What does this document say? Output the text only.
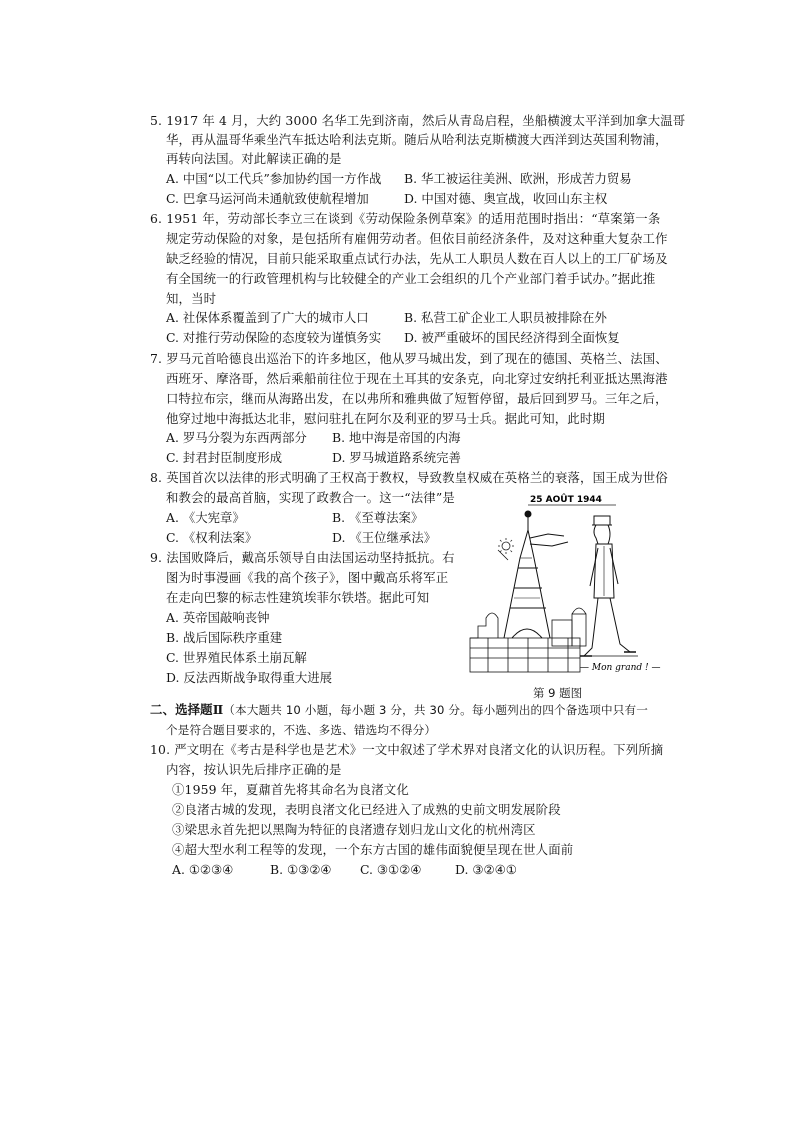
5. 1917 年 4 月，大约 3000 名华工先到济南，然后从青岛启程，坐船横渡太平洋到加拿大温哥
华，再从温哥华乘坐汽车抵达哈利法克斯。随后从哈利法克斯横渡大西洋到达英国利物浦，
再转向法国。对此解读正确的是
A. 中国“以工代兵”参加协约国一方作战 B. 华工被运往美洲、欧洲，形成苦力贸易
C. 巴拿马运河尚未通航致使航程增加	D. 中国对德、奥宣战，收回山东主权
6. 1951 年，劳动部长李立三在谈到《劳动保险条例草案》的适用范围时指出：“草案第一条
规定劳动保险的对象，是包括所有雇佣劳动者。但依目前经济条件，及对这种重大复杂工作
缺乏经验的情况，目前只能采取重点试行办法，先从工人职员人数在百人以上的工厂矿场及
有全国统一的行政管理机构与比较健全的产业工会组织的几个产业部门着手试办。”据此推
知，当时
A. 社保体系覆盖到了广大的城市人口	B. 私营工矿企业工人职员被排除在外
C. 对推行劳动保险的态度较为谨慎务实 D. 被严重破坏的国民经济得到全面恢复
7. 罗马元首哈德良出巡治下的许多地区，他从罗马城出发，到了现在的德国、英格兰、法国、
西班牙、摩洛哥，然后乘船前往位于现在土耳其的安条克，向北穿过安纳托利亚抵达黑海港
口特拉布宗，继而从海路出发，在以弗所和雅典做了短暂停留，最后回到罗马。三年之后，
他穿过地中海抵达北非，慰问驻扎在阿尔及利亚的罗马士兵。据此可知，此时期
A. 罗马分裂为东西两部分 B. 地中海是帝国的内海
C. 封君封臣制度形成	D. 罗马城道路系统完善
8. 英国首次以法律的形式明确了王权高于教权，导致教皇权威在英格兰的衰落，国王成为世俗
和教会的最高首脑，实现了政教合一。这一“法律”是
A. 《大宪章》	B. 《至尊法案》
C. 《权利法案》	D. 《王位继承法》
9. 法国败降后，戴高乐领导自由法国运动坚持抵抗。右
图为时事漫画《我的高个孩子》，图中戴高乐将军正
在走向巴黎的标志性建筑埃菲尔铁塔。据此可知
A. 英帝国敲响丧钟
B. 战后国际秩序重建
C. 世界殖民体系土崩瓦解
D. 反法西斯战争取得重大进展
25 AOÛT 1944
— Mon grand ! —
第 9 题图
二、选择题Ⅱ（本大题共 10 小题，每小题 3 分，共 30 分。每小题列出的四个备选项中只有一
个是符合题目要求的，不选、多选、错选均不得分）
10. 严文明在《考古是科学也是艺术》一文中叙述了学术界对良渚文化的认识历程。下列所摘
内容，按认识先后排序正确的是
①1959 年，夏鼐首先将其命名为良渚文化
②良渚古城的发现，表明良渚文化已经进入了成熟的史前文明发展阶段
③梁思永首先把以黑陶为特征的良渚遗存划归龙山文化的杭州湾区
④超大型水利工程等的发现，一个东方古国的雄伟面貌便呈现在世人面前
A. ①②③④	B. ①③②④ C. ③①②④	D. ③②④①
